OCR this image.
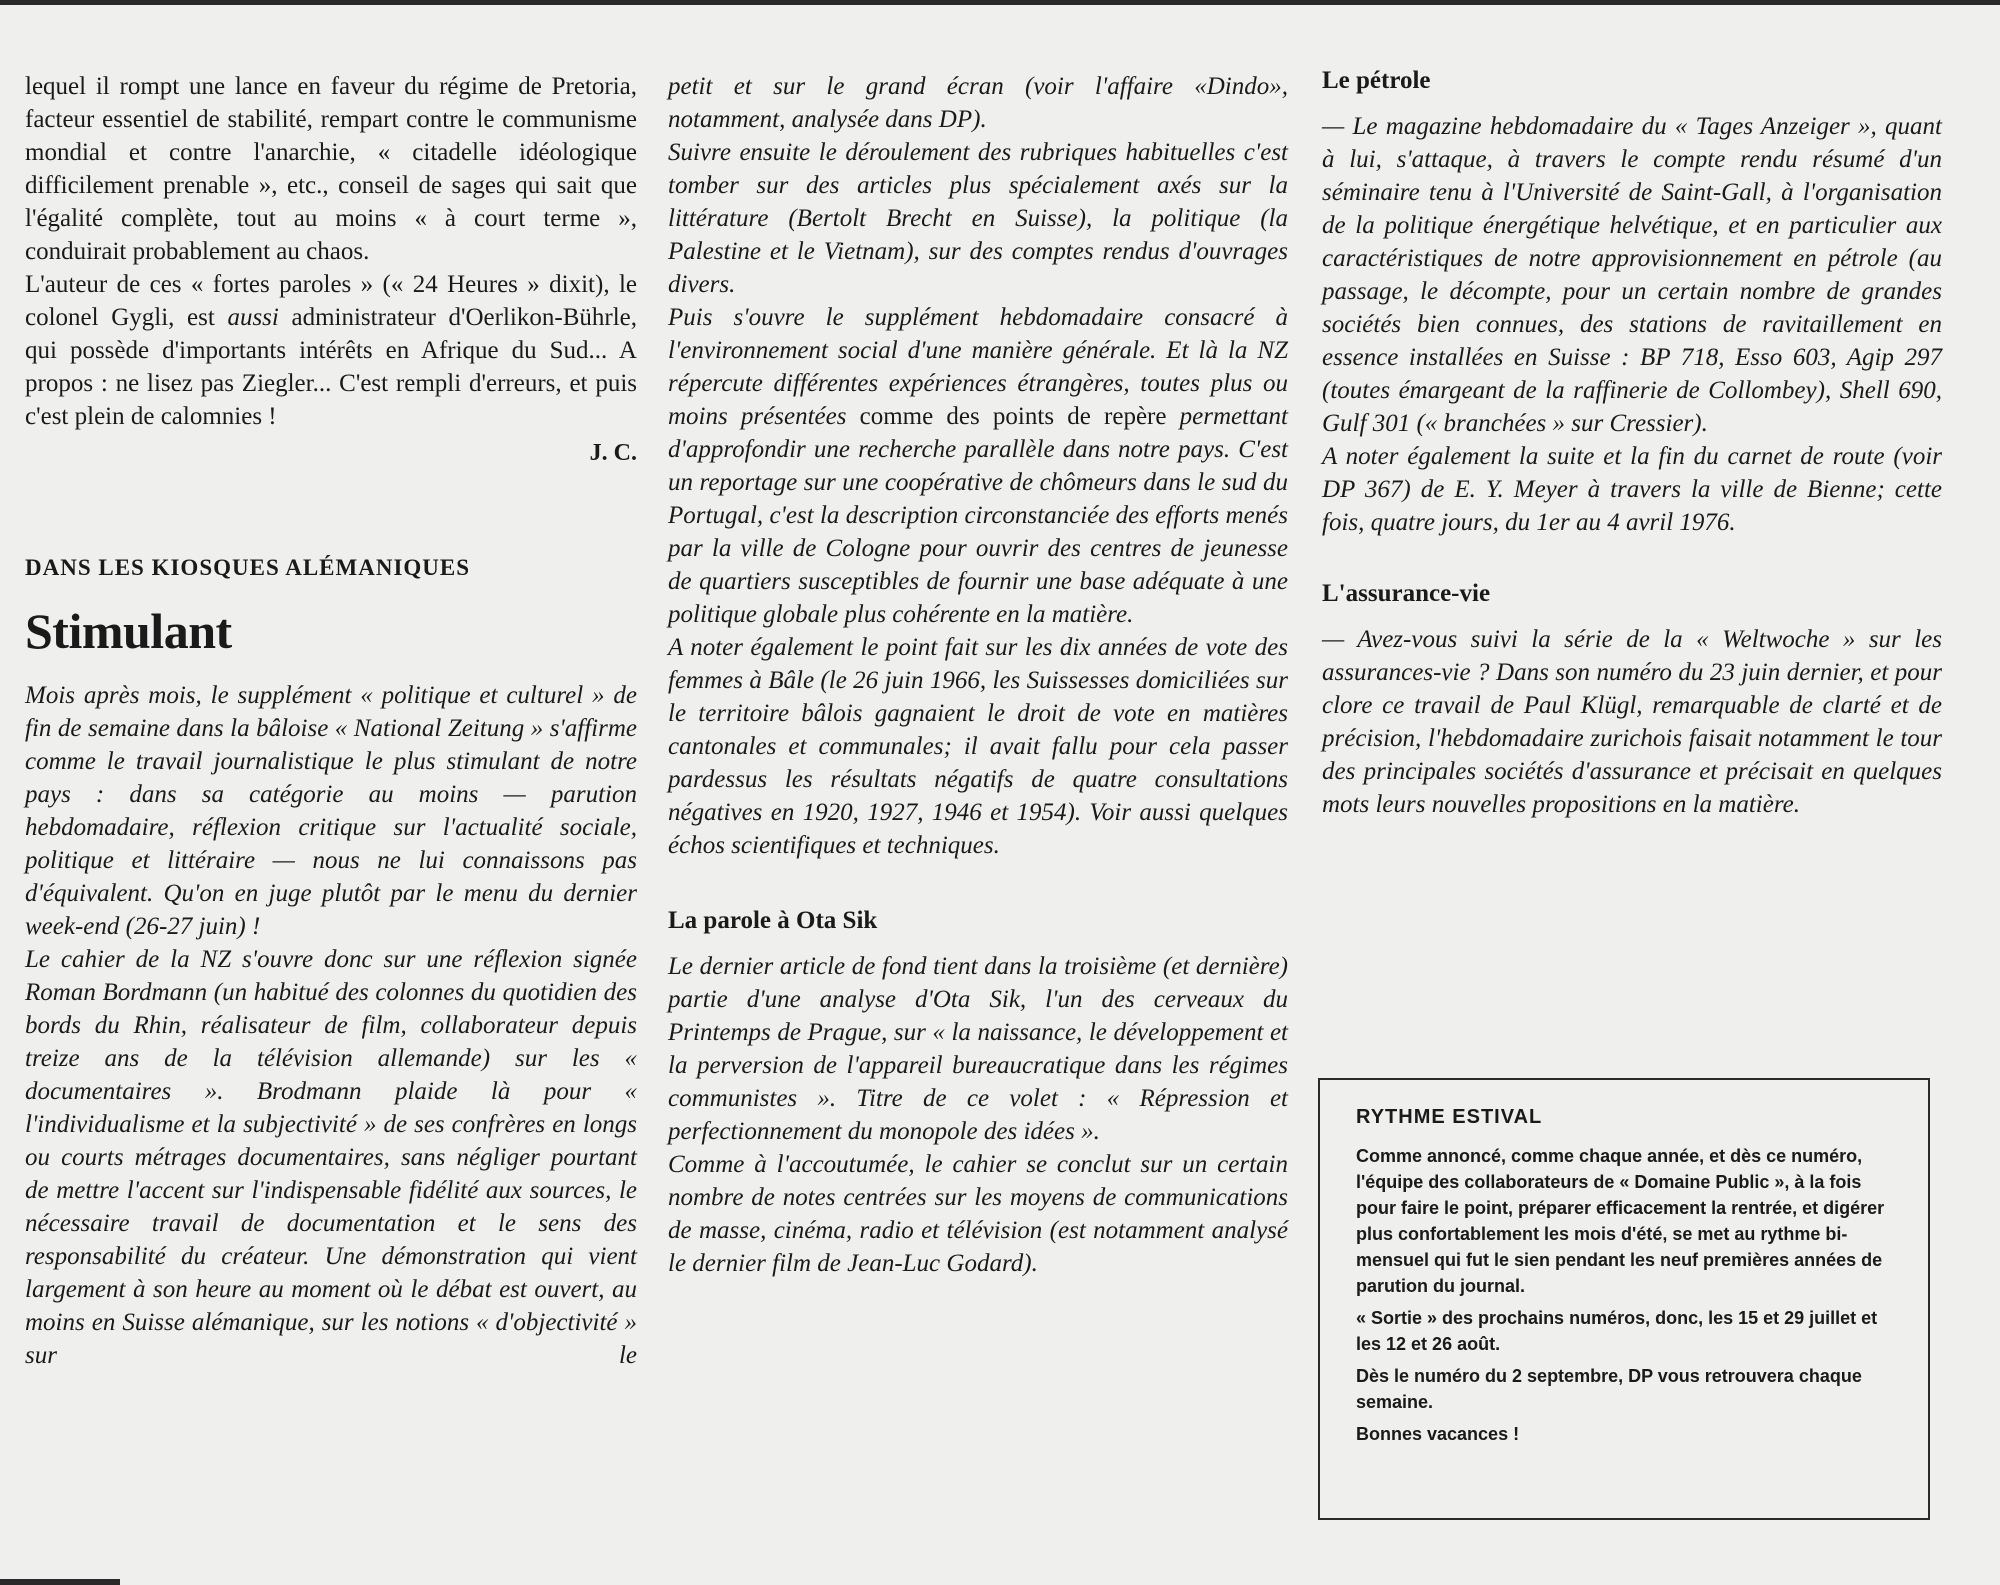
lequel il rompt une lance en faveur du régime de Pretoria, facteur essentiel de stabilité, rempart contre le communisme mondial et contre l'anarchie, « citadelle idéologique difficilement prenable », etc., conseil de sages qui sait que l'égalité complète, tout au moins « à court terme », conduirait probablement au chaos.

L'auteur de ces « fortes paroles » (« 24 Heures » dixit), le colonel Gygli, est aussi administrateur d'Oerlikon-Bührle, qui possède d'importants intérêts en Afrique du Sud... A propos : ne lisez pas Ziegler... C'est rempli d'erreurs, et puis c'est plein de calomnies !

J. C.

DANS LES KIOSQUES ALÉMANIQUES

Stimulant

Mois après mois, le supplément « politique et culturel » de fin de semaine dans la bâloise « National Zeitung » s'affirme comme le travail journalistique le plus stimulant de notre pays : dans sa catégorie au moins — parution hebdomadaire, réflexion critique sur l'actualité sociale, politique et littéraire — nous ne lui connaissons pas d'équivalent. Qu'on en juge plutôt par le menu du dernier week-end (26-27 juin) !

Le cahier de la NZ s'ouvre donc sur une réflexion signée Roman Bordmann (un habitué des colonnes du quotidien des bords du Rhin, réalisateur de film, collaborateur depuis treize ans de la télévision allemande) sur les « documentaires ». Brodmann plaide là pour « l'individualisme et la subjectivité » de ses confrères en longs ou courts métrages documentaires, sans négliger pourtant de mettre l'accent sur l'indispensable fidélité aux sources, le nécessaire travail de documentation et le sens des responsabilité du créateur. Une démonstration qui vient largement à son heure au moment où le débat est ouvert, au moins en Suisse alémanique, sur les notions « d'objectivité » sur le

petit et sur le grand écran (voir l'affaire «Dindo», notamment, analysée dans DP).

Suivre ensuite le déroulement des rubriques habituelles c'est tomber sur des articles plus spécialement axés sur la littérature (Bertolt Brecht en Suisse), la politique (la Palestine et le Vietnam), sur des comptes rendus d'ouvrages divers.

Puis s'ouvre le supplément hebdomadaire consacré à l'environnement social d'une manière générale. Et là la NZ répercute différentes expériences étrangères, toutes plus ou moins présentées comme des points de repère permettant d'approfondir une recherche parallèle dans notre pays. C'est un reportage sur une coopérative de chômeurs dans le sud du Portugal, c'est la description circonstanciée des efforts menés par la ville de Cologne pour ouvrir des centres de jeunesse de quartiers susceptibles de fournir une base adéquate à une politique globale plus cohérente en la matière.

A noter également le point fait sur les dix années de vote des femmes à Bâle (le 26 juin 1966, les Suissesses domiciliées sur le territoire bâlois gagnaient le droit de vote en matières cantonales et communales; il avait fallu pour cela passer pardessus les résultats négatifs de quatre consultations négatives en 1920, 1927, 1946 et 1954). Voir aussi quelques échos scientifiques et techniques.

La parole à Ota Sik

Le dernier article de fond tient dans la troisième (et dernière) partie d'une analyse d'Ota Sik, l'un des cerveaux du Printemps de Prague, sur « la naissance, le développement et la perversion de l'appareil bureaucratique dans les régimes communistes ». Titre de ce volet : « Répression et perfectionnement du monopole des idées ».

Comme à l'accoutumée, le cahier se conclut sur un certain nombre de notes centrées sur les moyens de communications de masse, cinéma, radio et télévision (est notamment analysé le dernier film de Jean-Luc Godard).

Le pétrole

— Le magazine hebdomadaire du « Tages Anzeiger », quant à lui, s'attaque, à travers le compte rendu résumé d'un séminaire tenu à l'Université de Saint-Gall, à l'organisation de la politique énergétique helvétique, et en particulier aux caractéristiques de notre approvisionnement en pétrole (au passage, le décompte, pour un certain nombre de grandes sociétés bien connues, des stations de ravitaillement en essence installées en Suisse : BP 718, Esso 603, Agip 297 (toutes émargeant de la raffinerie de Collombey), Shell 690, Gulf 301 (« branchées » sur Cressier).

A noter également la suite et la fin du carnet de route (voir DP 367) de E. Y. Meyer à travers la ville de Bienne; cette fois, quatre jours, du 1er au 4 avril 1976.

L'assurance-vie

— Avez-vous suivi la série de la « Weltwoche » sur les assurances-vie ? Dans son numéro du 23 juin dernier, et pour clore ce travail de Paul Klügl, remarquable de clarté et de précision, l'hebdomadaire zurichois faisait notamment le tour des principales sociétés d'assurance et précisait en quelques mots leurs nouvelles propositions en la matière.

RYTHME ESTIVAL

Comme annoncé, comme chaque année, et dès ce numéro, l'équipe des collaborateurs de « Domaine Public », à la fois pour faire le point, préparer efficacement la rentrée, et digérer plus confortablement les mois d'été, se met au rythme bi-mensuel qui fut le sien pendant les neuf premières années de parution du journal.

« Sortie » des prochains numéros, donc, les 15 et 29 juillet et les 12 et 26 août.

Dès le numéro du 2 septembre, DP vous retrouvera chaque semaine.

Bonnes vacances !
